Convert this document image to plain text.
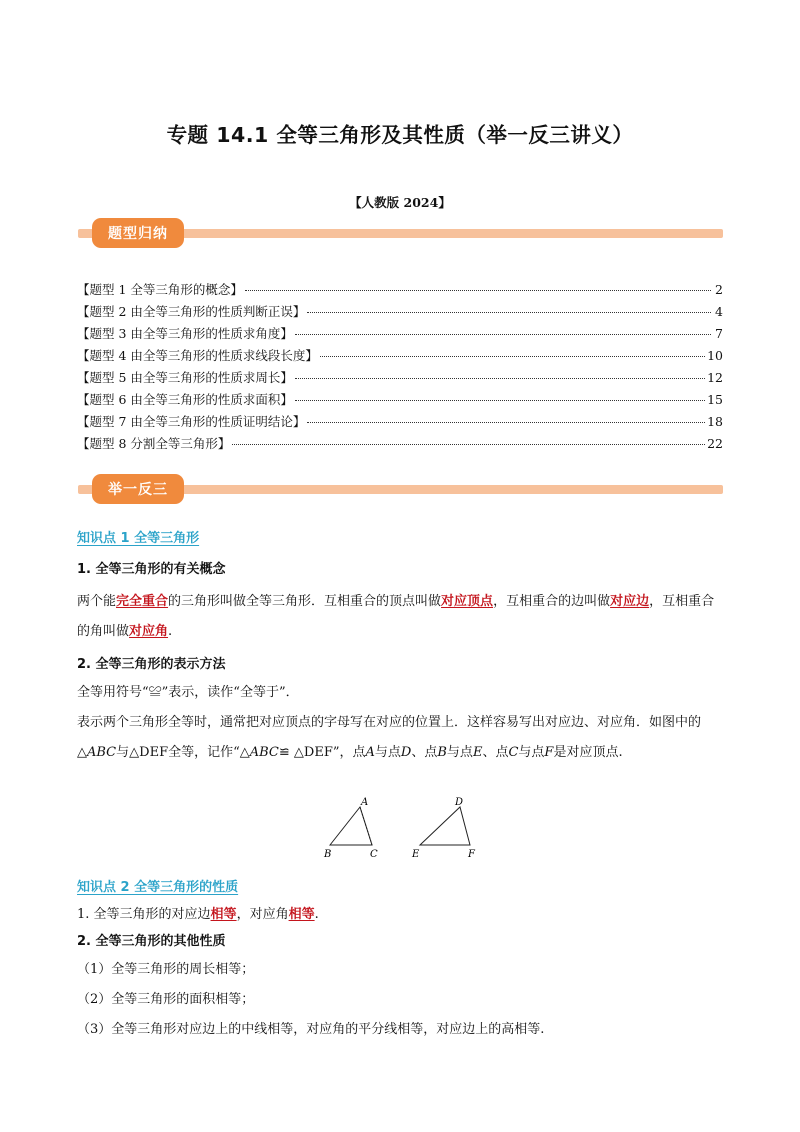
专题 14.1 全等三角形及其性质（举一反三讲义）
【人教版 2024】
题型归纳
【题型 1 全等三角形的概念】	2
【题型 2 由全等三角形的性质判断正误】	4
【题型 3 由全等三角形的性质求角度】	7
【题型 4 由全等三角形的性质求线段长度】	10
【题型 5 由全等三角形的性质求周长】	12
【题型 6 由全等三角形的性质求面积】	15
【题型 7 由全等三角形的性质证明结论】	18
【题型 8 分割全等三角形】	22
举一反三
知识点 1 全等三角形
1. 全等三角形的有关概念
两个能完全重合的三角形叫做全等三角形．互相重合的顶点叫做对应顶点，互相重合的边叫做对应边，互相重合的角叫做对应角.
2. 全等三角形的表示方法
全等用符号“≌”表示，读作“全等于”．
表示两个三角形全等时，通常把对应顶点的字母写在对应的位置上．这样容易写出对应边、对应角．如图中的△ABC与△DEF全等，记作“△ABC≌ △DEF”，点A与点D、点B与点E、点C与点F是对应顶点.
A
B	C
D
E	F
知识点 2 全等三角形的性质
1. 全等三角形的对应边相等，对应角相等.
2. 全等三角形的其他性质
（1）全等三角形的周长相等；
（2）全等三角形的面积相等；
（3）全等三角形对应边上的中线相等，对应角的平分线相等，对应边上的高相等.
